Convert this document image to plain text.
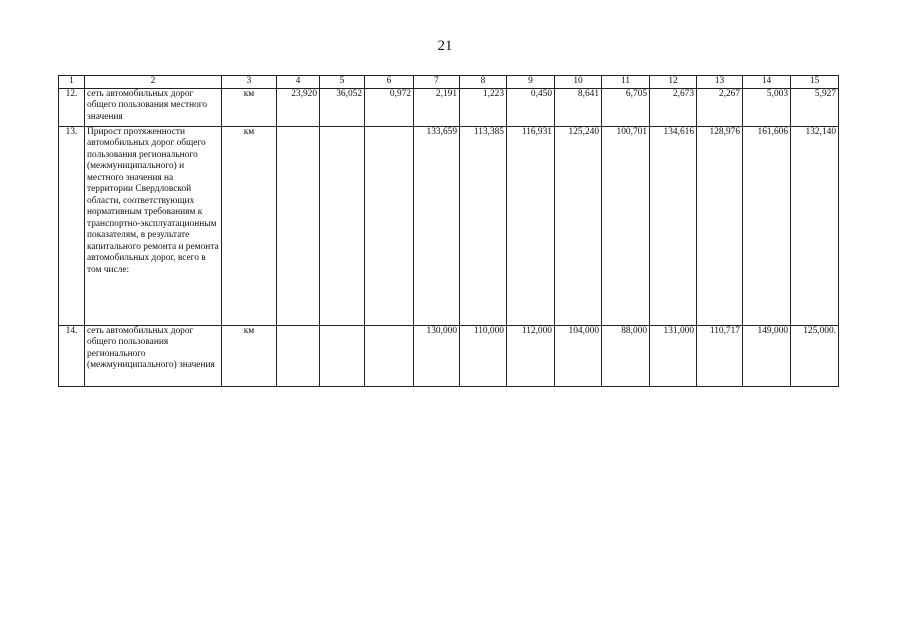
21
1	2	3	4	5	6	7	8	9	10	11	12	13	14	15
12.	сеть автомобильных дорог общего пользования местного значения	км	23,920	36,052	0,972	2,191	1,223	0,450	8,641	6,705	2,673	2,267	5,003	5,927
13.	Прирост протяженности автомобильных дорог общего пользования регионального (межмуниципального) и местного значения на территории Свердловской области, соответствующих нормативным требованиям к транспортно-эксплуатационным показателям, в результате капитального ремонта и ремонта автомобильных дорог, всего в том числе:	км				133,659	113,385	116,931	125,240	100,701	134,616	128,976	161,606	132,140
14.	сеть автомобильных дорог общего пользования регионального (межмуниципального) значения	км				130,000	110,000	112,000	104,000	88,000	131,000	110,717	149,000	125,000.
